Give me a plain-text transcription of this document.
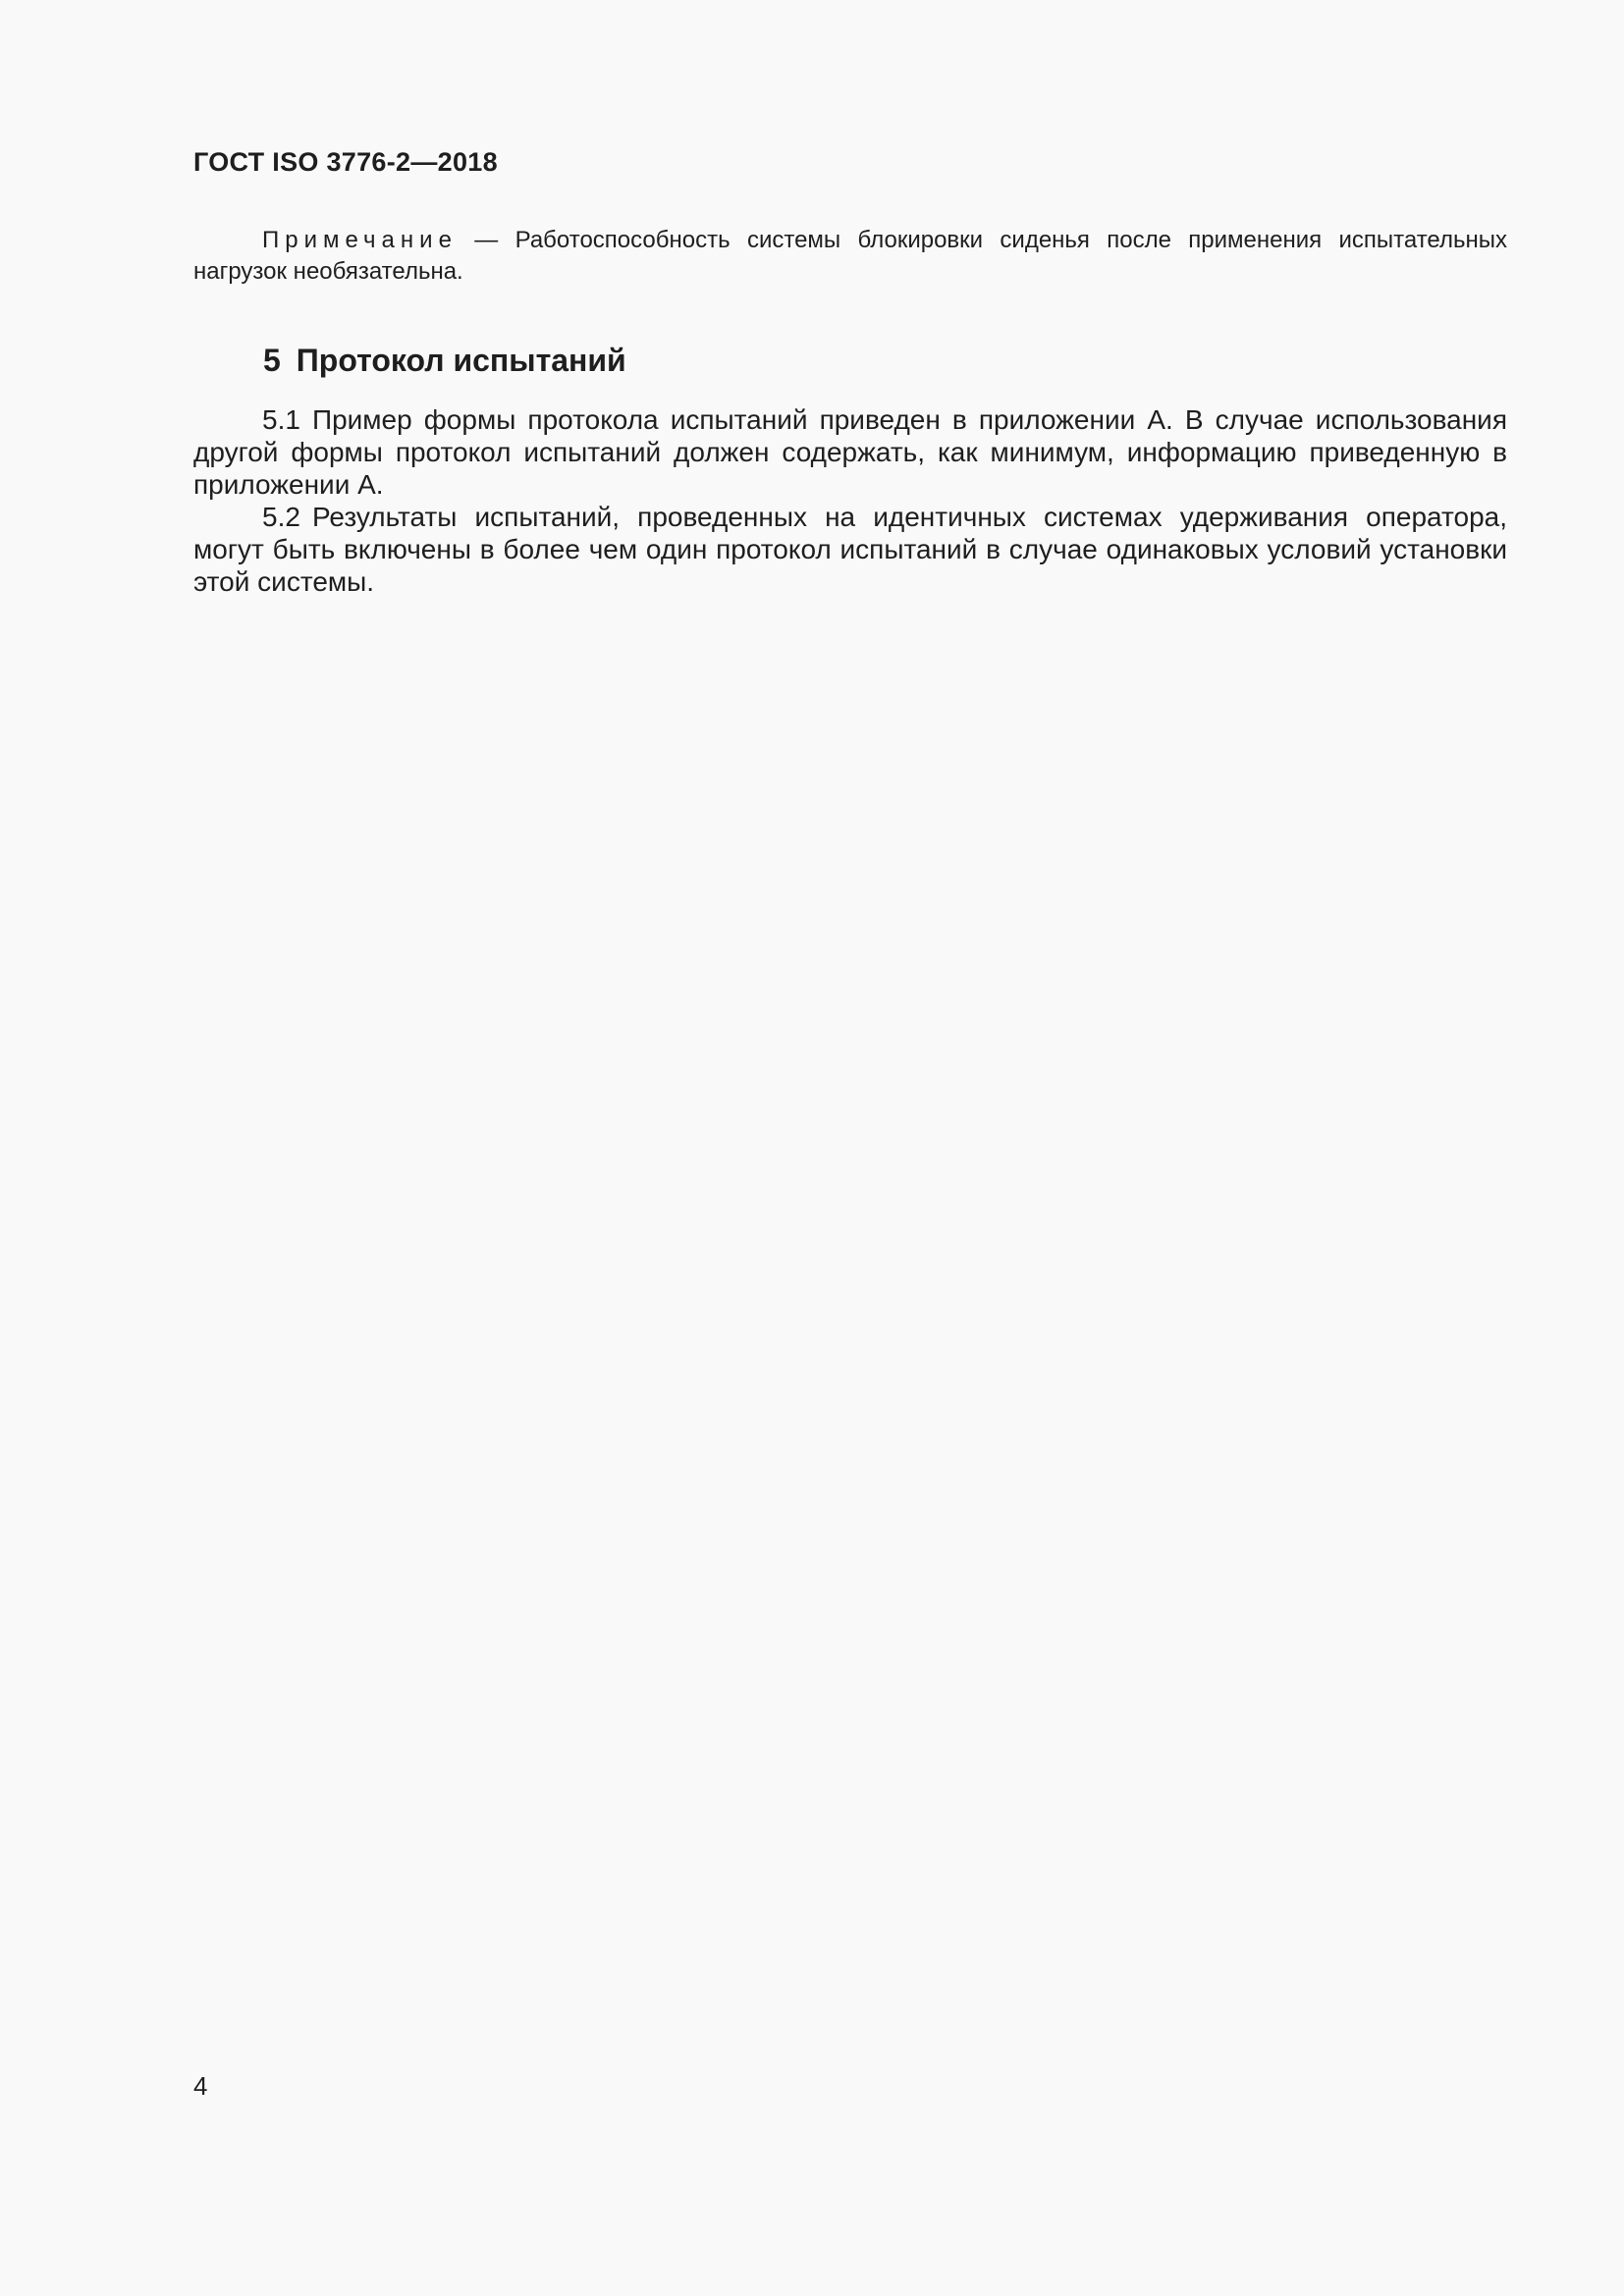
ГОСТ ISO 3776-2—2018
Примечание — Работоспособность системы блокировки сиденья после применения испытательных нагрузок необязательна.
5 Протокол испытаний
5.1 Пример формы протокола испытаний приведен в приложении А. В случае использования другой формы протокол испытаний должен содержать, как минимум, информацию приведенную в приложении А.
5.2 Результаты испытаний, проведенных на идентичных системах удерживания оператора, могут быть включены в более чем один протокол испытаний в случае одинаковых условий установки этой системы.
4
